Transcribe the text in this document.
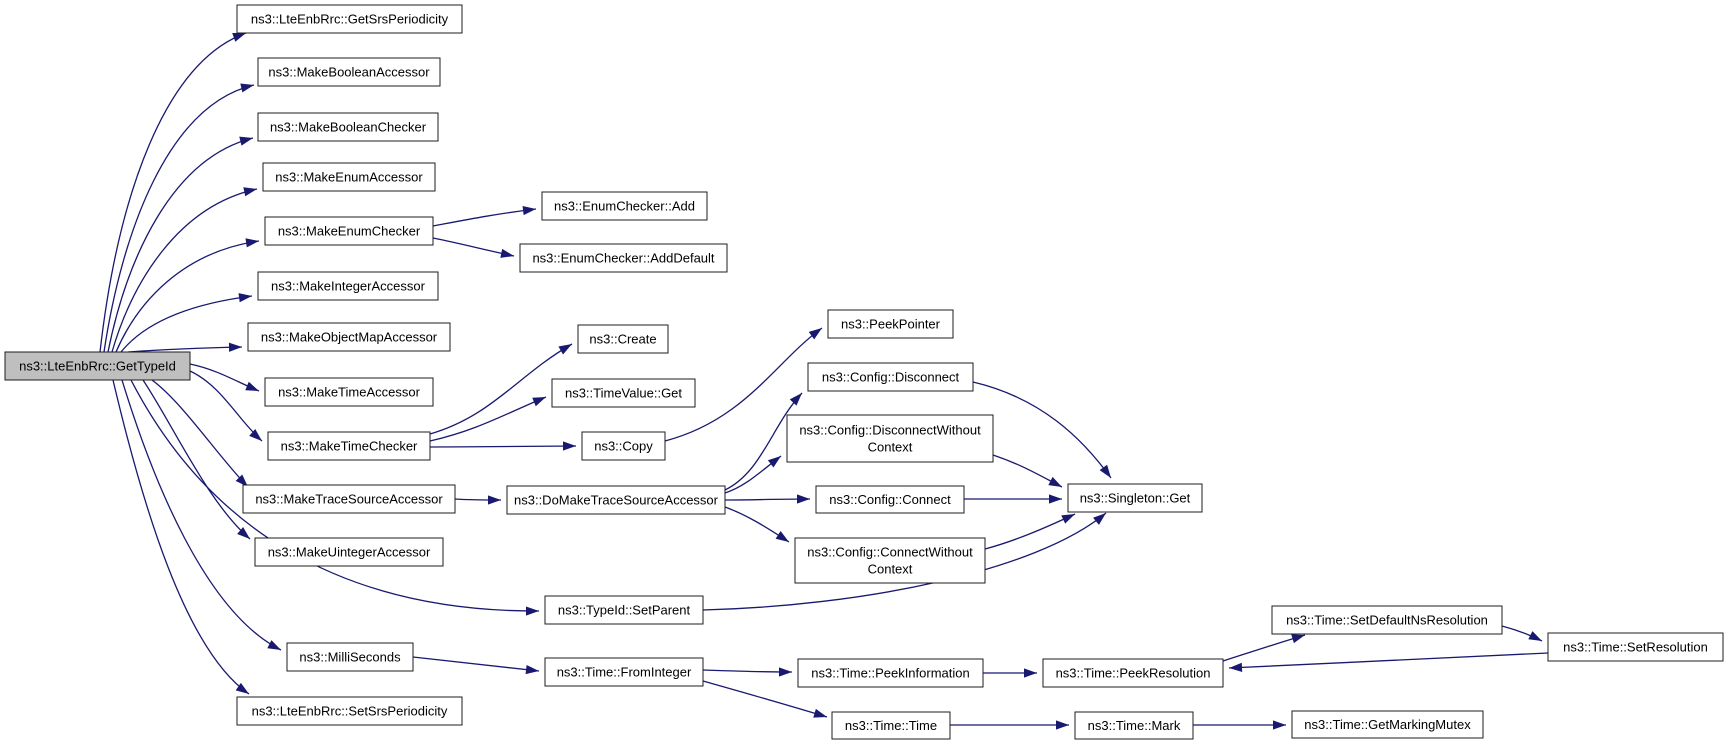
ns3::LteEnbRrc::GetTypeId
ns3::LteEnbRrc::GetSrsPeriodicity
ns3::MakeBooleanAccessor
ns3::MakeBooleanChecker
ns3::MakeEnumAccessor
ns3::MakeEnumChecker
ns3::MakeIntegerAccessor
ns3::MakeObjectMapAccessor
ns3::MakeTimeAccessor
ns3::MakeTimeChecker
ns3::MakeTraceSourceAccessor
ns3::MakeUintegerAccessor
ns3::TypeId::SetParent
ns3::MilliSeconds
ns3::LteEnbRrc::SetSrsPeriodicity
ns3::EnumChecker::Add
ns3::EnumChecker::AddDefault
ns3::Create
ns3::TimeValue::Get
ns3::Copy
ns3::DoMakeTraceSourceAccessor
ns3::Time::FromInteger
ns3::PeekPointer
ns3::Config::Disconnect
ns3::Config::DisconnectWithout
Context
ns3::Config::Connect
ns3::Config::ConnectWithout
Context
ns3::Time::PeekInformation
ns3::Time::Time
ns3::Singleton::Get
ns3::Time::PeekResolution
ns3::Time::Mark
ns3::Time::SetDefaultNsResolution
ns3::Time::GetMarkingMutex
ns3::Time::SetResolution
